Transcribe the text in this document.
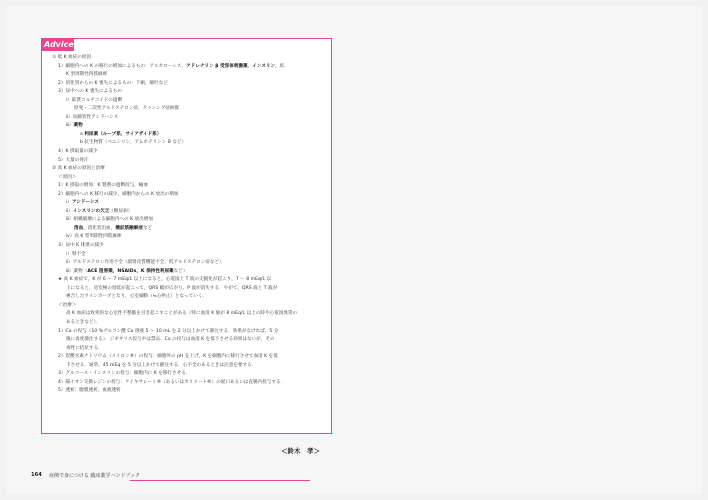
Advice
① 低 K 血症の原因
1）細胞内への K の移行の増加によるもの：アルカローシス，アドレナリン β 受容体刺激薬，インスリン，低
K 型周期性四肢麻痺
2）消化管からの K 喪失によるもの：下痢，嘔吐など
3）尿中への K 喪失によるもの
ⅰ）鉱質コルチコイドの過剰
原発・二次性アルドステロン症，クッシング症候群
ⅱ）尿細管性アシドーシス
ⅲ）薬物
a 利尿薬（ループ系，サイアザイド系）
b 抗生物質（ペニシリン，アムホテリシン B など）
4）K 摂取量の減少
5）大量の発汗
② 高 K 血症の原因と治療
＜原因＞
1）K 摂取の増加：K 製剤の過剰投与，輸血
2）細胞内への K 移行の減少，細胞内からの K 放出の増加
ⅰ）アシドーシス
ⅱ）インスリンの欠乏（糖尿病）
ⅲ）組織破壊による細胞内への K 放出増加
溶血，消化管出血，横紋筋融解症など
ⅳ）高 K 型周期性四肢麻痺
3）尿中 K 排泄の減少
ⅰ）腎不全
ⅱ）アルドステロン作用不全（副腎皮質機能不全，低アルドステロン症など）
ⅲ）薬物（ACE 阻害薬，NSAIDs，K 保持性利尿薬など）
★ 高 K 血症で，K が 6 ～ 7 mEq/L 以上になると，心電図上 T 波の尖鋭化が起こり，7 ～ 8 mEq/L 以
上になると，房室極の遅延が起こって，QRS 幅が広がり，P 波が消失する．やがて，QRS 波と T 波が
複合したサインカーブとなり，心室細動（≒心停止）となっていく．
＜治療＞
高 K 血症は致死的な心室性不整脈を引き起こすことがある（特に血清 K 値が 8 mEq/L 以上の時や心電図異常の
あるときなど）．
1）Ca の投与（10 %グルコン酸 Ca 溶液 5 ～ 10 mL を 2 分以上かけて静注する．効果がなければ，5 分
後に再度静注する）．ジギタリス投与中は禁忌．Ca の投与は血清 K を低下させる効果はないが，その
毒性に拮抗する．
2）炭酸水素ナトリウム（メイロン®）の投与：細胞外の pH を上げ，K を細胞内に移行させて血清 K を低
下させる．通常，45 mEq を 5 分以上かけて静注する．心不全のあるときは注意を要する．
3）グルコース・インスリンの投与：細胞内に K を移行させる．
4）陽イオン交換レジンの投与：ケイキサレート®（あるいはカリメート®）の経口あるいは直腸内投与する．
5）透析：腹膜透析，血液透析
＜鈴木　孝＞
164 症例で身につける 臨床薬学ハンドブック
